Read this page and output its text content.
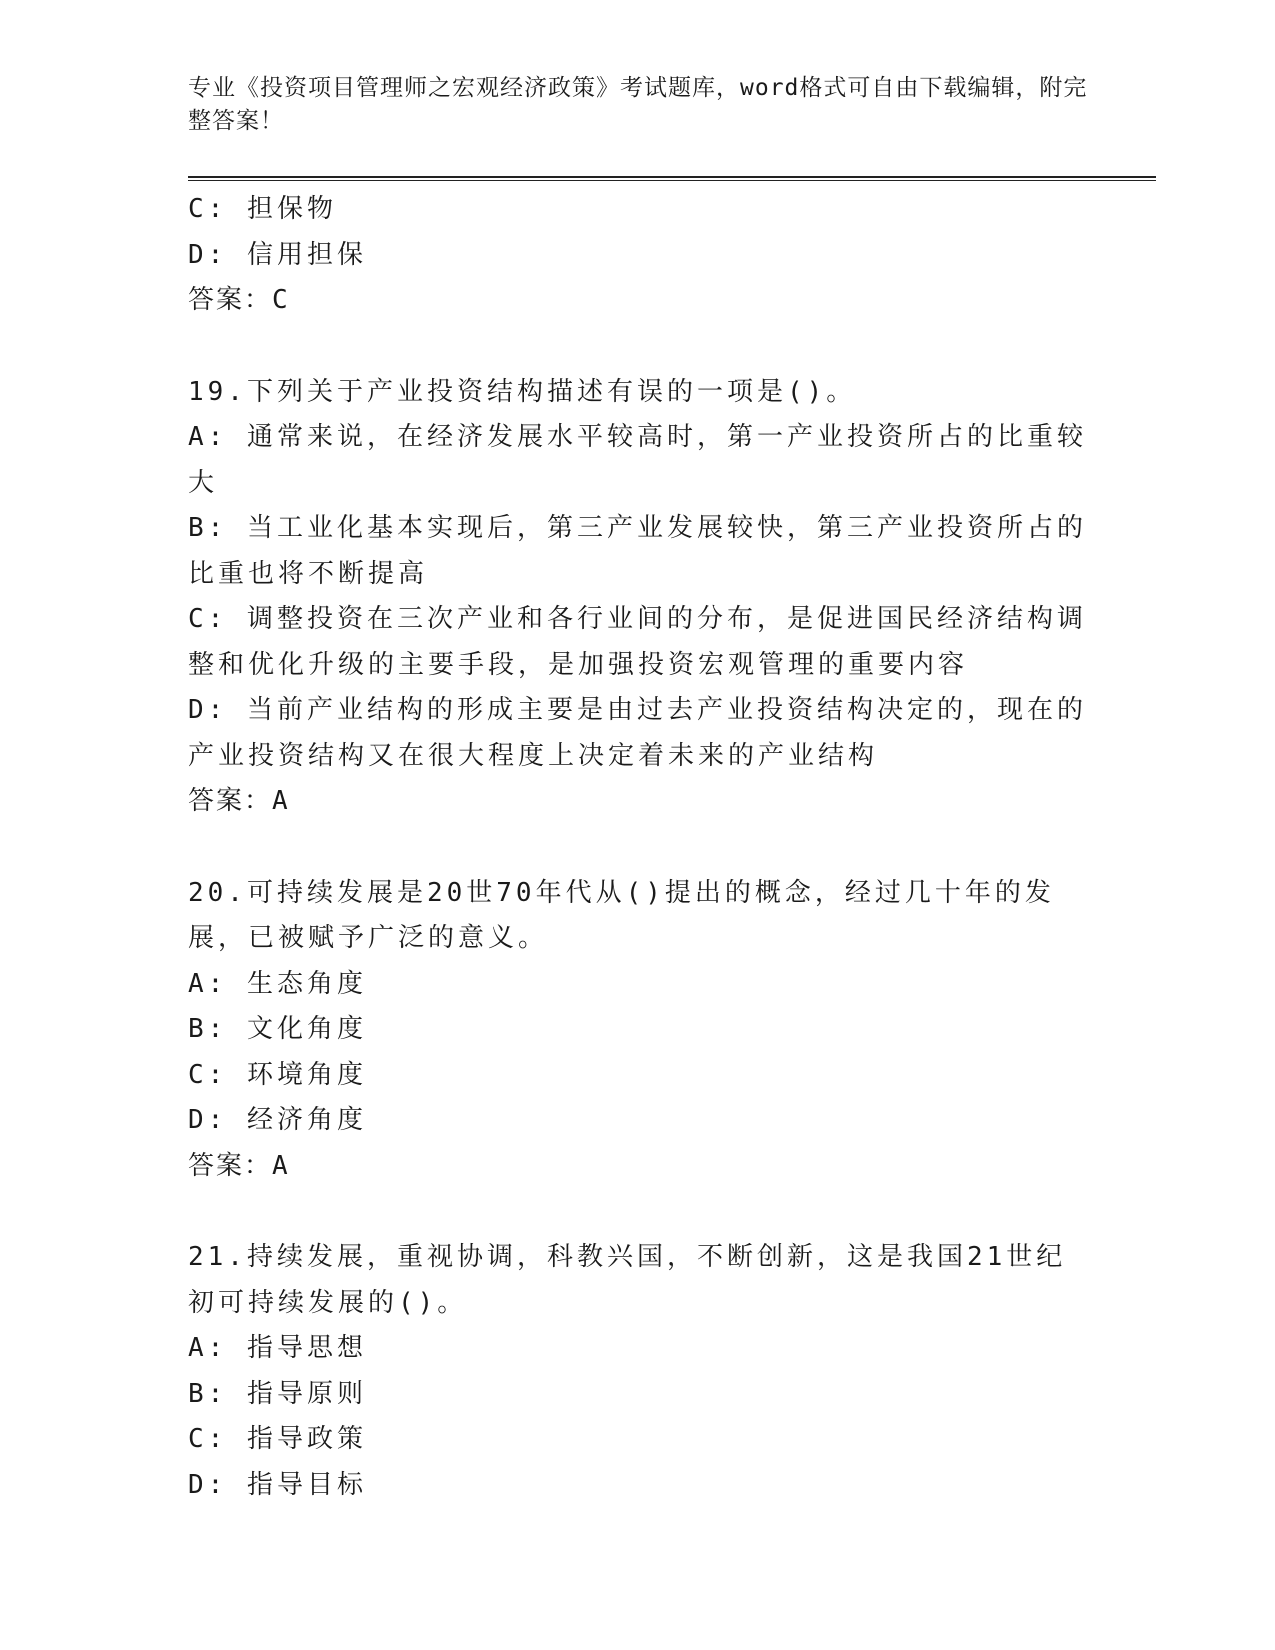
专业《投资项目管理师之宏观经济政策》考试题库，word格式可自由下载编辑，附完整答案！
C: 担保物
D: 信用担保
答案：C
19.下列关于产业投资结构描述有误的一项是()。
A: 通常来说，在经济发展水平较高时，第一产业投资所占的比重较大
B: 当工业化基本实现后，第三产业发展较快，第三产业投资所占的比重也将不断提高
C: 调整投资在三次产业和各行业间的分布，是促进国民经济结构调整和优化升级的主要手段，是加强投资宏观管理的重要内容
D: 当前产业结构的形成主要是由过去产业投资结构决定的，现在的产业投资结构又在很大程度上决定着未来的产业结构
答案：A
20.可持续发展是20世70年代从()提出的概念，经过几十年的发展，已被赋予广泛的意义。
A: 生态角度
B: 文化角度
C: 环境角度
D: 经济角度
答案：A
21.持续发展，重视协调，科教兴国，不断创新，这是我国21世纪初可持续发展的()。
A: 指导思想
B: 指导原则
C: 指导政策
D: 指导目标
